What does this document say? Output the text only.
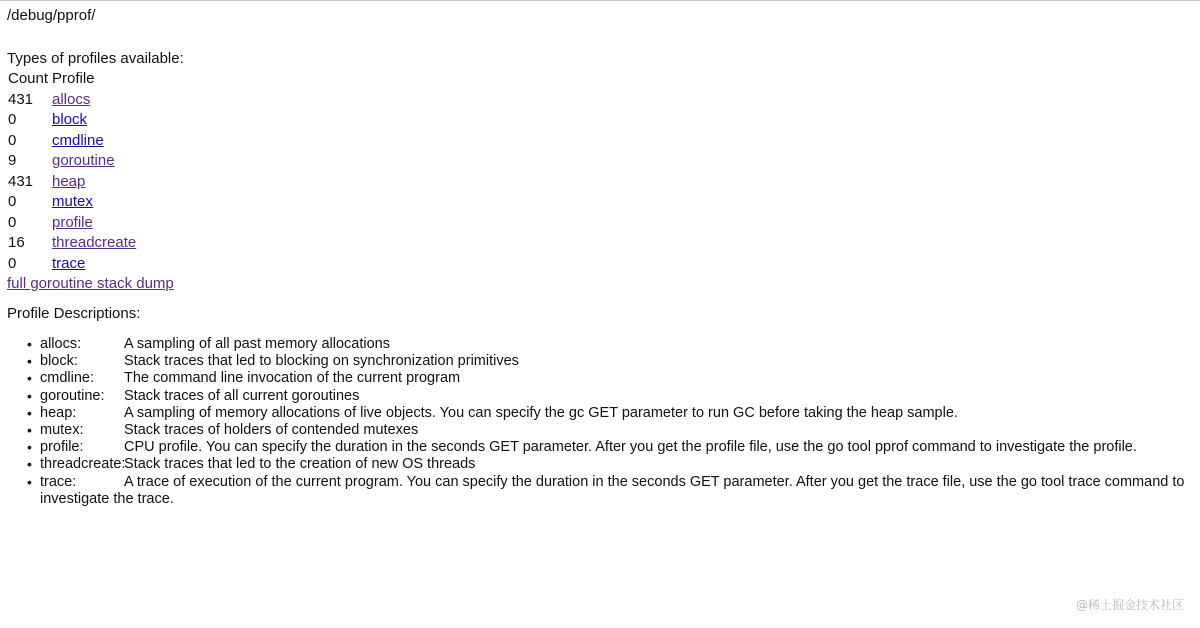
/debug/pprof/
Types of profiles available:
Count	Profile
431	allocs
0	block
0	cmdline
9	goroutine
431	heap
0	mutex
0	profile
16	threadcreate
0	trace
full goroutine stack dump
Profile Descriptions:
• allocs:	A sampling of all past memory allocations
• block:	Stack traces that led to blocking on synchronization primitives
• cmdline: The command line invocation of the current program
• goroutine: Stack traces of all current goroutines
• heap:	A sampling of memory allocations of live objects. You can specify the gc GET parameter to run GC before taking the heap sample.
• mutex:	Stack traces of holders of contended mutexes
• profile:	CPU profile. You can specify the duration in the seconds GET parameter. After you get the profile file, use the go tool pprof command to investigate the profile.
• threadcreate:Stack traces that led to the creation of new OS threads
• trace:	A trace of execution of the current program. You can specify the duration in the seconds GET parameter. After you get the trace file, use the go tool trace command to investigate the trace.
@稀土掘金技术社区
